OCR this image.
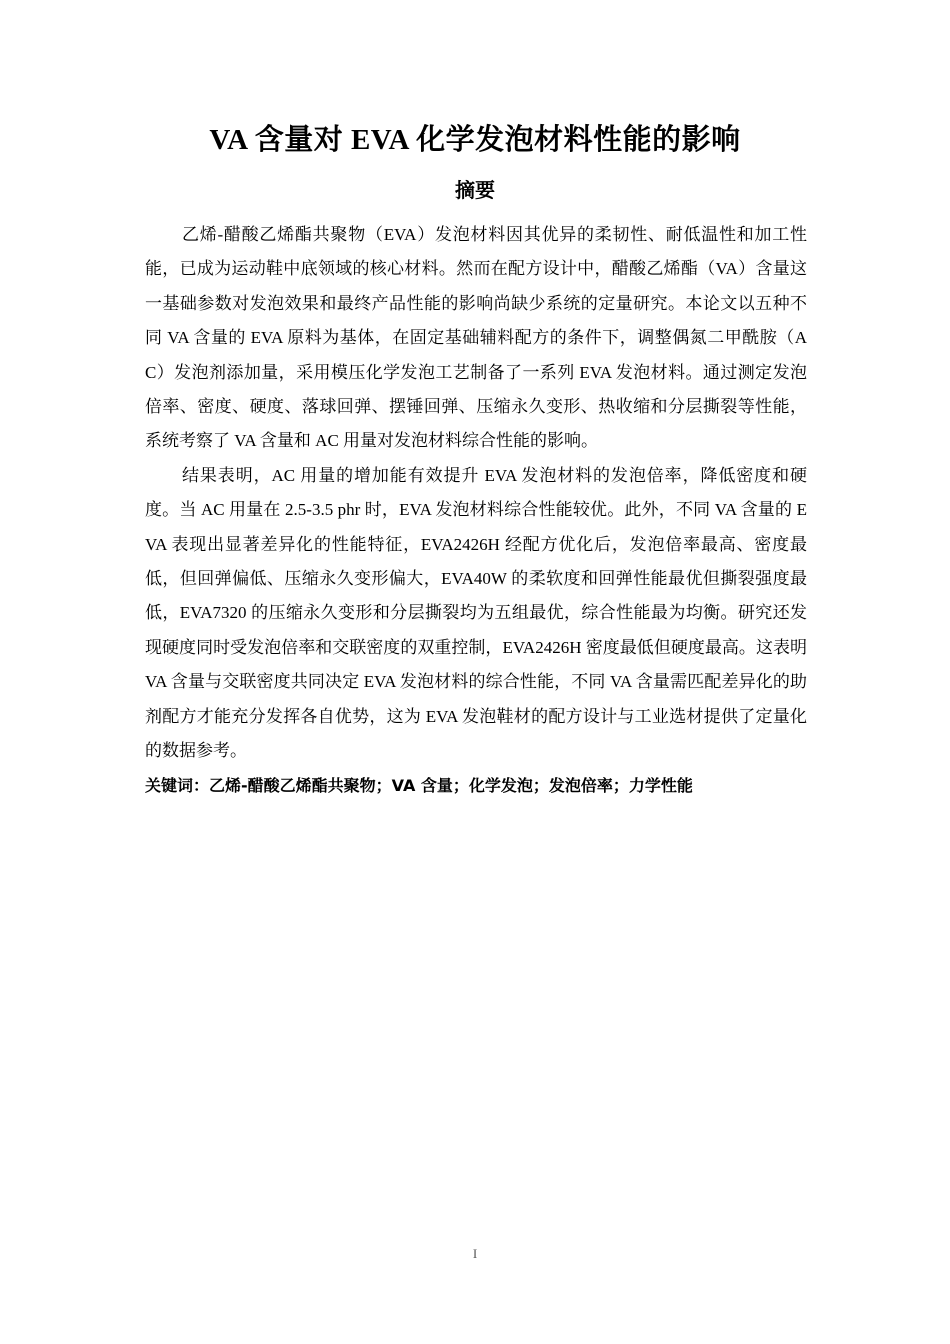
VA 含量对 EVA 化学发泡材料性能的影响
摘要

乙烯-醋酸乙烯酯共聚物（EVA）发泡材料因其优异的柔韧性、耐低温性和加工性能，已成为运动鞋中底领域的核心材料。然而在配方设计中，醋酸乙烯酯（VA）含量这一基础参数对发泡效果和最终产品性能的影响尚缺少系统的定量研究。本论文以五种不同 VA 含量的 EVA 原料为基体，在固定基础辅料配方的条件下，调整偶氮二甲酰胺（AC）发泡剂添加量，采用模压化学发泡工艺制备了一系列 EVA 发泡材料。通过测定发泡倍率、密度、硬度、落球回弹、摆锤回弹、压缩永久变形、热收缩和分层撕裂等性能，系统考察了 VA 含量和 AC 用量对发泡材料综合性能的影响。

结果表明，AC 用量的增加能有效提升 EVA 发泡材料的发泡倍率，降低密度和硬度。当 AC 用量在 2.5-3.5 phr 时，EVA 发泡材料综合性能较优。此外，不同 VA 含量的 EVA 表现出显著差异化的性能特征，EVA2426H 经配方优化后，发泡倍率最高、密度最低，但回弹偏低、压缩永久变形偏大，EVA40W 的柔软度和回弹性能最优但撕裂强度最低，EVA7320 的压缩永久变形和分层撕裂均为五组最优，综合性能最为均衡。研究还发现硬度同时受发泡倍率和交联密度的双重控制，EVA2426H 密度最低但硬度最高。这表明 VA 含量与交联密度共同决定 EVA 发泡材料的综合性能，不同 VA 含量需匹配差异化的助剂配方才能充分发挥各自优势，这为 EVA 发泡鞋材的配方设计与工业选材提供了定量化的数据参考。

关键词：乙烯-醋酸乙烯酯共聚物；VA 含量；化学发泡；发泡倍率；力学性能

I
